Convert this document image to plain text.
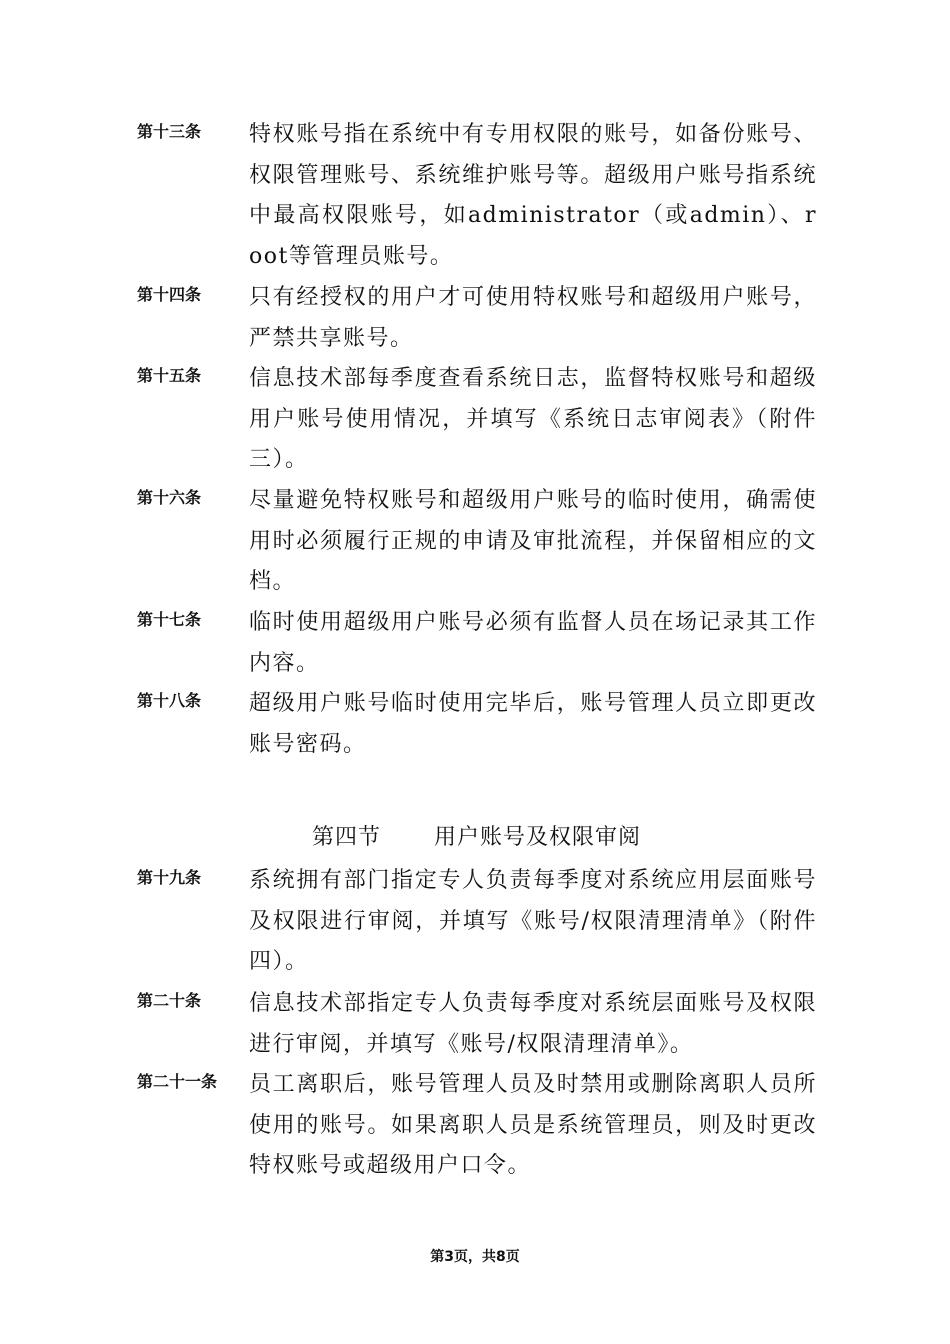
第十三条 特权账号指在系统中有专用权限的账号，如备份账号、权限管理账号、系统维护账号等。超级用户账号指系统中最高权限账号，如administrator（或admin）、root等管理员账号。
第十四条 只有经授权的用户才可使用特权账号和超级用户账号，严禁共享账号。
第十五条 信息技术部每季度查看系统日志，监督特权账号和超级用户账号使用情况，并填写《系统日志审阅表》（附件三）。
第十六条 尽量避免特权账号和超级用户账号的临时使用，确需使用时必须履行正规的申请及审批流程，并保留相应的文档。
第十七条 临时使用超级用户账号必须有监督人员在场记录其工作内容。
第十八条 超级用户账号临时使用完毕后，账号管理人员立即更改账号密码。
第四节 用户账号及权限审阅
第十九条 系统拥有部门指定专人负责每季度对系统应用层面账号及权限进行审阅，并填写《账号/权限清理清单》（附件四）。
第二十条 信息技术部指定专人负责每季度对系统层面账号及权限进行审阅，并填写《账号/权限清理清单》。
第二十一条 员工离职后，账号管理人员及时禁用或删除离职人员所使用的账号。如果离职人员是系统管理员，则及时更改特权账号或超级用户口令。
第3页，共8页
